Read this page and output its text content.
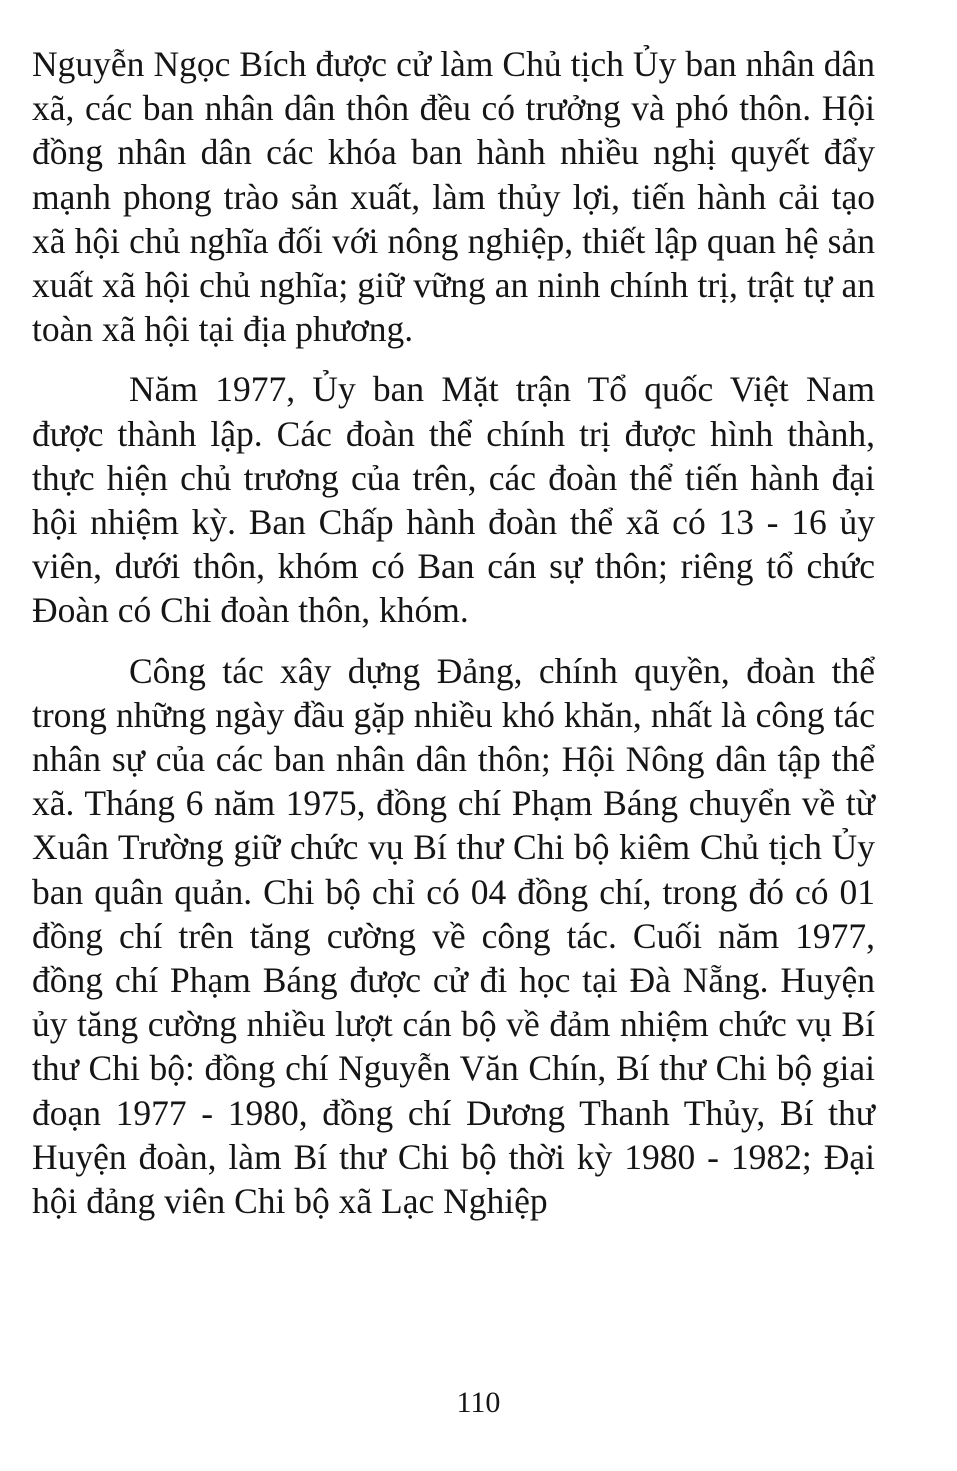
Nguyễn Ngọc Bích được cử làm Chủ tịch Ủy ban nhân dân xã, các ban nhân dân thôn đều có trưởng và phó thôn. Hội đồng nhân dân các khóa ban hành nhiều nghị quyết đẩy mạnh phong trào sản xuất, làm thủy lợi, tiến hành cải tạo xã hội chủ nghĩa đối với nông nghiệp, thiết lập quan hệ sản xuất xã hội chủ nghĩa; giữ vững an ninh chính trị, trật tự an toàn xã hội tại địa phương.

Năm 1977, Ủy ban Mặt trận Tổ quốc Việt Nam được thành lập. Các đoàn thể chính trị được hình thành, thực hiện chủ trương của trên, các đoàn thể tiến hành đại hội nhiệm kỳ. Ban Chấp hành đoàn thể xã có 13 - 16 ủy viên, dưới thôn, khóm có Ban cán sự thôn; riêng tổ chức Đoàn có Chi đoàn thôn, khóm.

Công tác xây dựng Đảng, chính quyền, đoàn thể trong những ngày đầu gặp nhiều khó khăn, nhất là công tác nhân sự của các ban nhân dân thôn; Hội Nông dân tập thể xã. Tháng 6 năm 1975, đồng chí Phạm Báng chuyển về từ Xuân Trường giữ chức vụ Bí thư Chi bộ kiêm Chủ tịch Ủy ban quân quản. Chi bộ chỉ có 04 đồng chí, trong đó có 01 đồng chí trên tăng cường về công tác. Cuối năm 1977, đồng chí Phạm Báng được cử đi học tại Đà Nẵng. Huyện ủy tăng cường nhiều lượt cán bộ về đảm nhiệm chức vụ Bí thư Chi bộ: đồng chí Nguyễn Văn Chín, Bí thư Chi bộ giai đoạn 1977 - 1980, đồng chí Dương Thanh Thủy, Bí thư Huyện đoàn, làm Bí thư Chi bộ thời kỳ 1980 - 1982; Đại hội đảng viên Chi bộ xã Lạc Nghiệp

110
